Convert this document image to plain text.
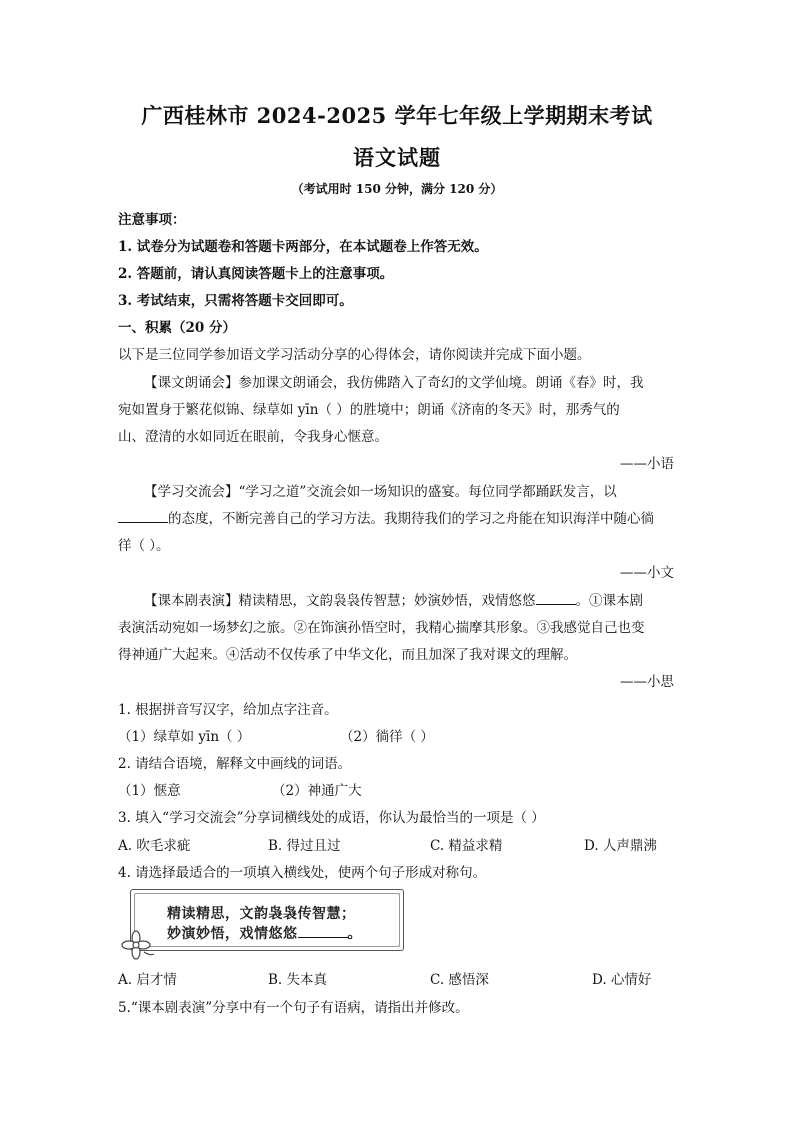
广西桂林市 2024-2025 学年七年级上学期期末考试
语文试题
（考试用时 150 分钟，满分 120 分）
注意事项：
1. 试卷分为试题卷和答题卡两部分，在本试题卷上作答无效。
2. 答题前，请认真阅读答题卡上的注意事项。
3. 考试结束，只需将答题卡交回即可。
一、积累（20 分）
以下是三位同学参加语文学习活动分享的心得体会，请你阅读并完成下面小题。
【课文朗诵会】参加课文朗诵会，我仿佛踏入了奇幻的文学仙境。朗诵《春》时，我
宛如置身于繁花似锦、绿草如 yīn（ ）的胜境中；朗诵《济南的冬天》时，那秀气的
山、澄清的水如同近在眼前，令我身心惬意。
——小语
【学习交流会】“学习之道”交流会如一场知识的盛宴。每位同学都踊跃发言，以
的态度，不断完善自己的学习方法。我期待我们的学习之舟能在知识海洋中随心徜
徉（ ）。
——小文
【课本剧表演】精读精思，文韵袅袅传智慧；妙演妙悟，戏情悠悠	。①课本剧
表演活动宛如一场梦幻之旅。②在饰演孙悟空时，我精心揣摩其形象。③我感觉自己也变
得神通广大起来。④活动不仅传承了中华文化，而且加深了我对课文的理解。
——小思
1. 根据拼音写汉字，给加点字注音。
（1）绿草如 yīn（ ）	（2）徜徉（ ）
2. 请结合语境，解释文中画线的词语。
（1）惬意	（2）神通广大
3. 填入“学习交流会”分享词横线处的成语，你认为最恰当的一项是（ ）
A. 吹毛求疵	B. 得过且过	C. 精益求精	D. 人声鼎沸
4. 请选择最适合的一项填入横线处，使两个句子形成对称句。
精读精思，文韵袅袅传智慧；
妙演妙悟，戏情悠悠	。
A. 启才情	B. 失本真	C. 感悟深	D. 心情好
5.“课本剧表演”分享中有一个句子有语病，请指出并修改。
